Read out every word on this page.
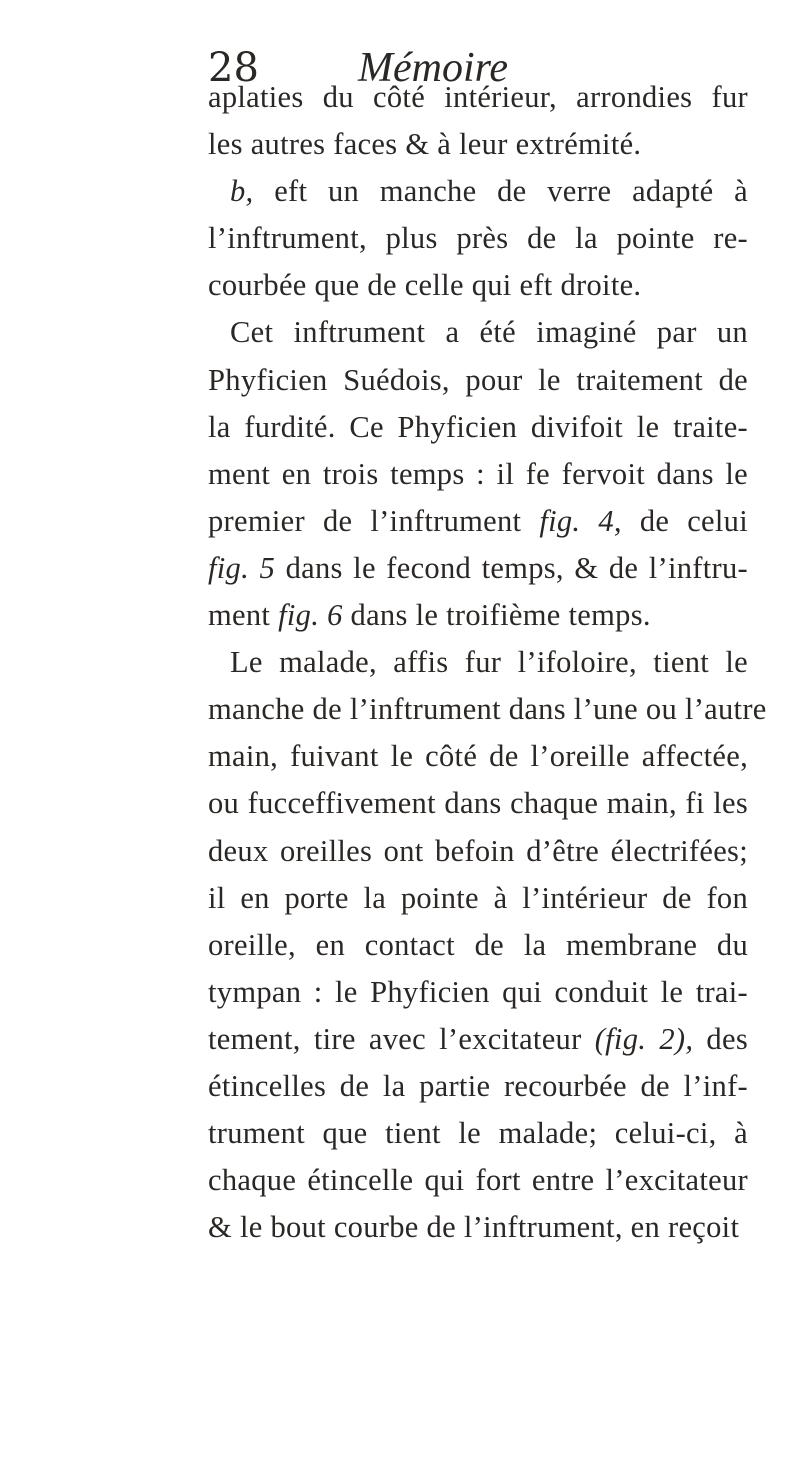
28 Mémoire
aplaties du côté intérieur, arrondies fur
les autres faces & à leur extrémité.
b, eft un manche de verre adapté à
l’inftrument, plus près de la pointe re-
courbée que de celle qui eft droite.
Cet inftrument a été imaginé par un
Phyficien Suédois, pour le traitement de
la furdité. Ce Phyficien divifoit le traite-
ment en trois temps : il fe fervoit dans le
premier de l’inftrument fig. 4, de celui
fig. 5 dans le fecond temps, & de l’inftru-
ment fig. 6 dans le troifième temps.
Le malade, affis fur l’ifoloire, tient le
manche de l’inftrument dans l’une ou l’autre
main, fuivant le côté de l’oreille affectée,
ou fucceffivement dans chaque main, fi les
deux oreilles ont befoin d’être électrifées;
il en porte la pointe à l’intérieur de fon
oreille, en contact de la membrane du
tympan : le Phyficien qui conduit le trai-
tement, tire avec l’excitateur (fig. 2), des
étincelles de la partie recourbée de l’inf-
trument que tient le malade; celui-ci, à
chaque étincelle qui fort entre l’excitateur
& le bout courbe de l’inftrument, en reçoit
